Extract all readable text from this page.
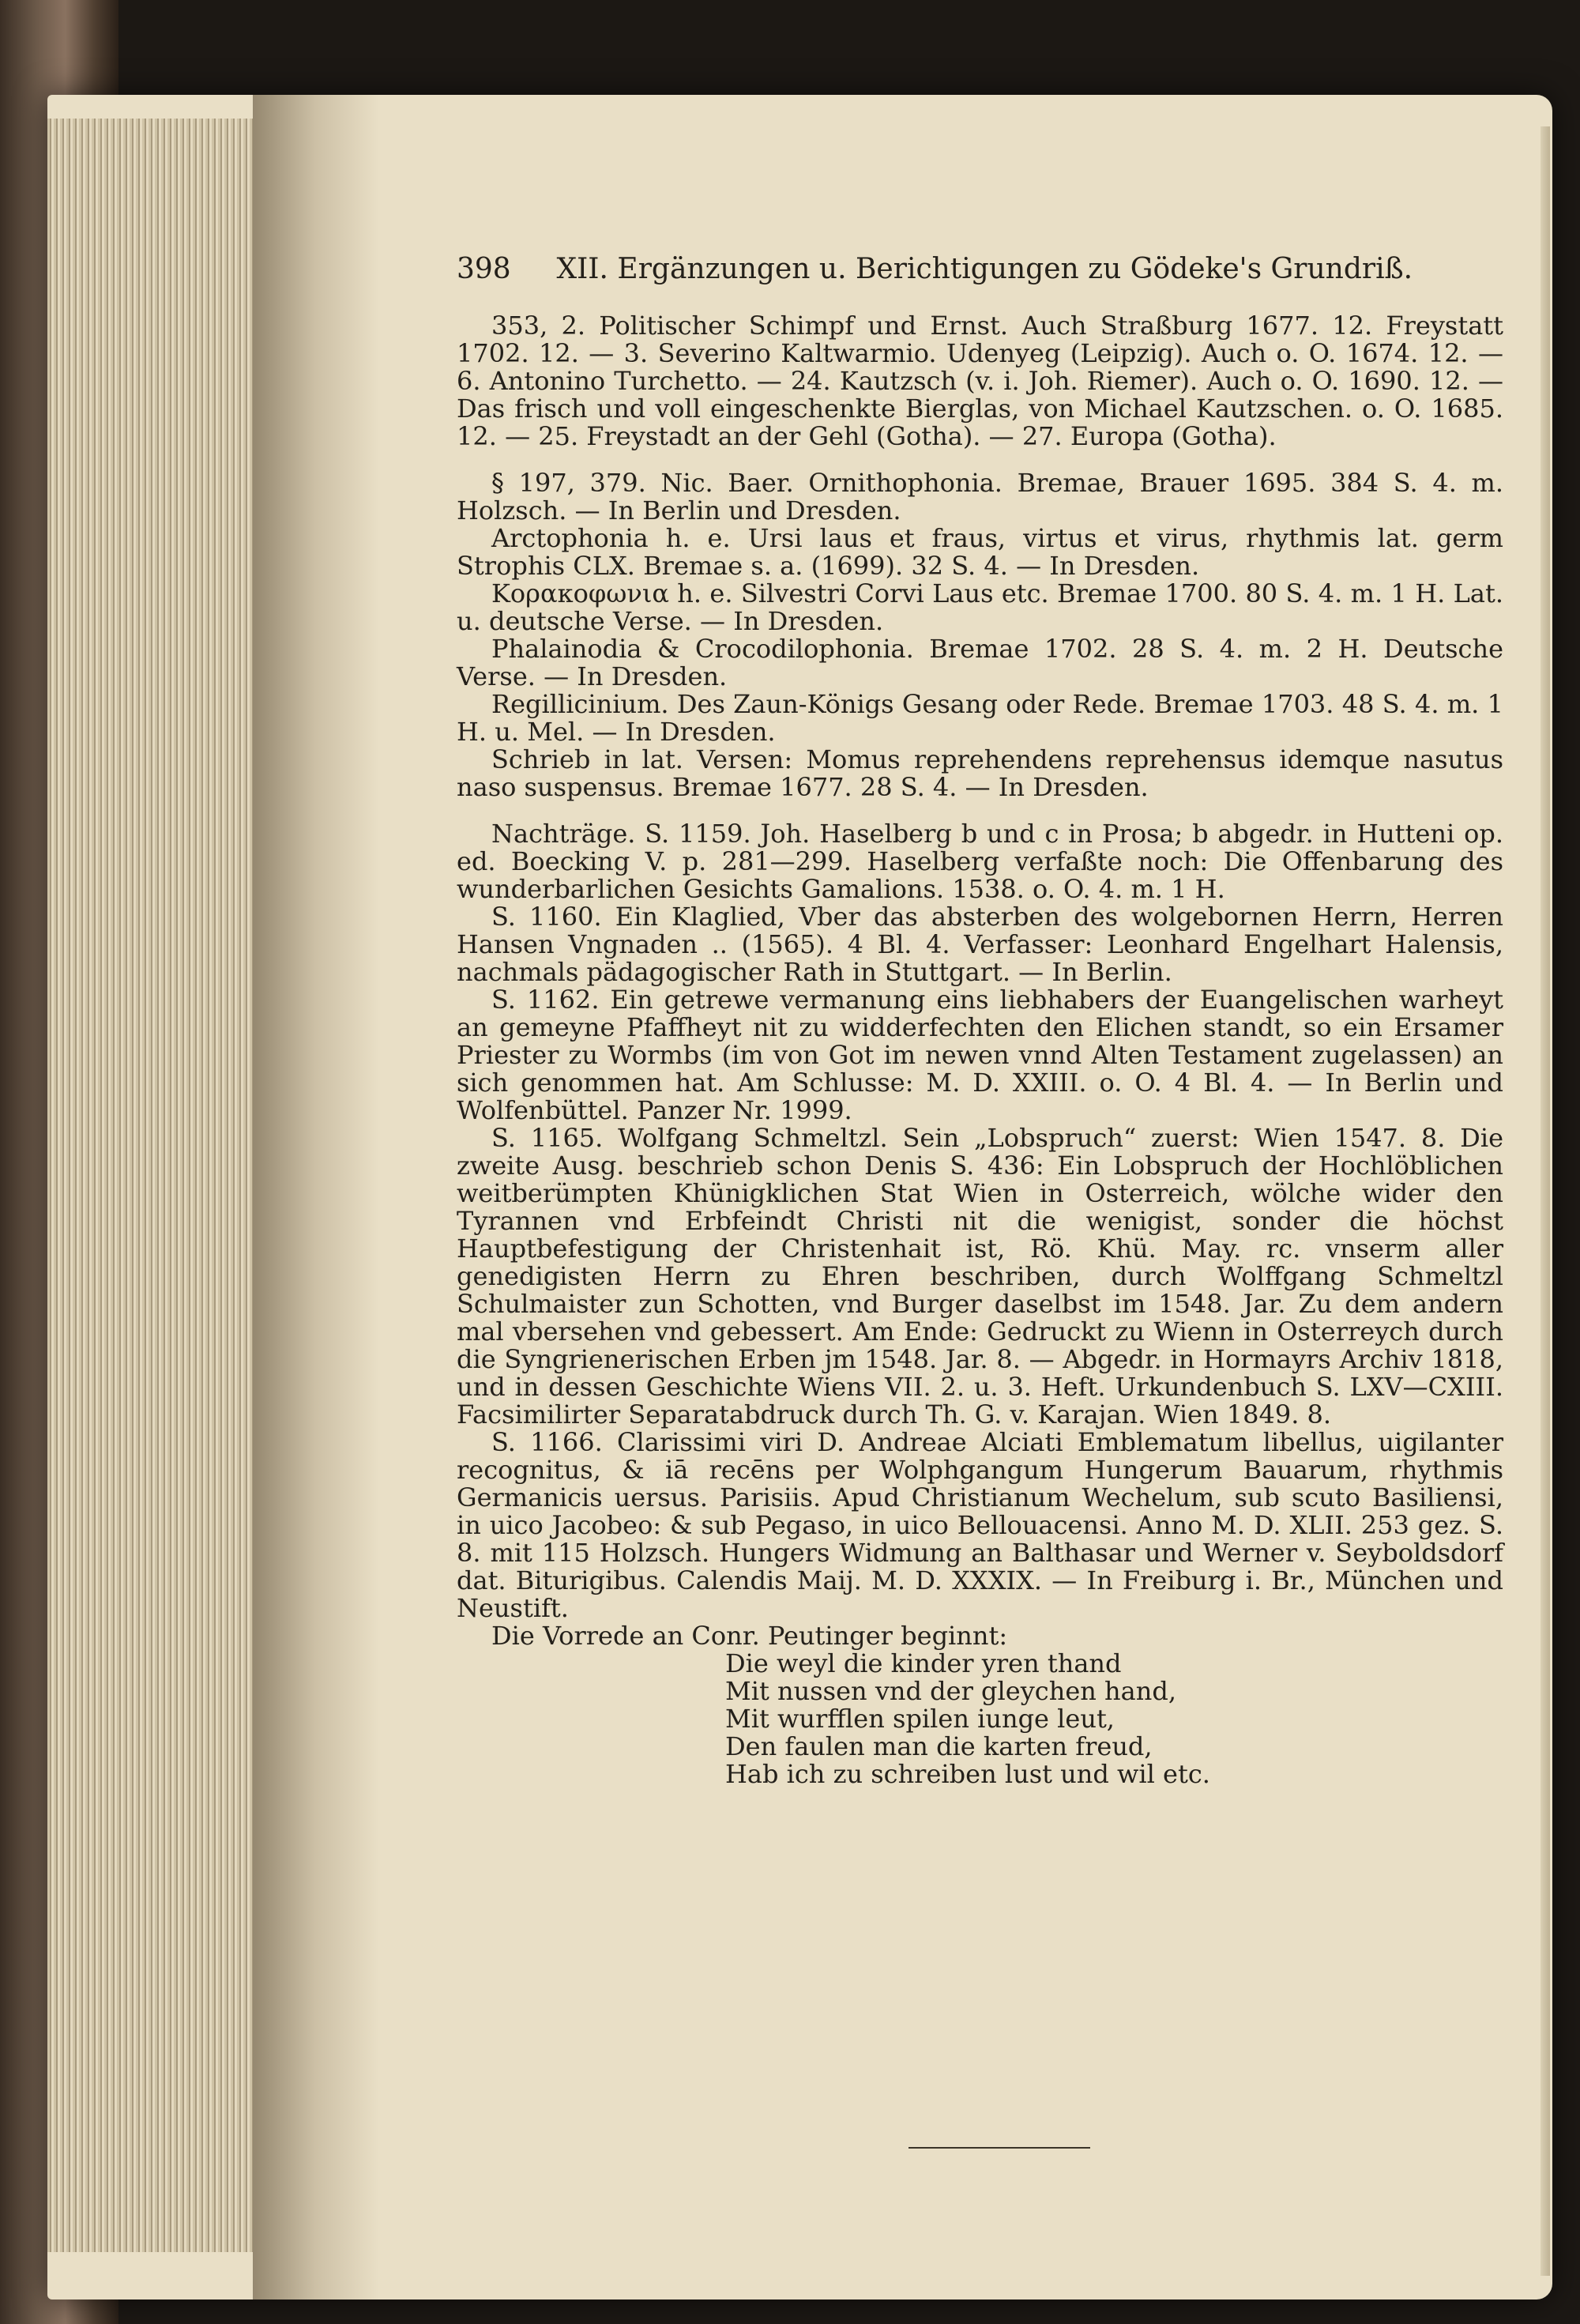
398 XII. Ergänzungen u. Berichtigungen zu Gödeke's Grundriß.

353, 2. Politischer Schimpf und Ernst. Auch Straßburg 1677. 12. Freystatt 1702. 12. — 3. Severino Kaltwarmio. Udenyeg (Leipzig). Auch o. O. 1674. 12. — 6. Antonino Turchetto. — 24. Kautzsch (v. i. Joh. Riemer). Auch o. O. 1690. 12. — Das frisch und voll eingeschenkte Bierglas, von Michael Kautzschen. o. O. 1685. 12. — 25. Freystadt an der Gehl (Gotha). — 27. Europa (Gotha).

§ 197, 379. Nic. Baer. Ornithophonia. Bremae, Brauer 1695. 384 S. 4. m. Holzsch. — In Berlin und Dresden.

Arctophonia h. e. Ursi laus et fraus, virtus et virus, rhythmis lat. germ Strophis CLX. Bremae s. a. (1699). 32 S. 4. — In Dresden.

Κορακοφωνια h. e. Silvestri Corvi Laus etc. Bremae 1700. 80 S. 4. m. 1 H. Lat. u. deutsche Verse. — In Dresden.

Phalainodia & Crocodilophonia. Bremae 1702. 28 S. 4. m. 2 H. Deutsche Verse. — In Dresden.

Regillicinium. Des Zaun-Königs Gesang oder Rede. Bremae 1703. 48 S. 4. m. 1 H. u. Mel. — In Dresden.

Schrieb in lat. Versen: Momus reprehendens reprehensus idemque nasutus naso suspensus. Bremae 1677. 28 S. 4. — In Dresden.

Nachträge. S. 1159. Joh. Haselberg b und c in Prosa; b abgedr. in Hutteni op. ed. Boecking V. p. 281—299. Haselberg verfaßte noch: Die Offenbarung des wunderbarlichen Gesichts Gamalions. 1538. o. O. 4. m. 1 H.

S. 1160. Ein Klaglied, Vber das absterben des wolgebornen Herrn, Herren Hansen Vngnaden .. (1565). 4 Bl. 4. Verfasser: Leonhard Engelhart Halensis, nachmals pädagogischer Rath in Stuttgart. — In Berlin.

S. 1162. Ein getrewe vermanung eins liebhabers der Euangelischen warheyt an gemeyne Pfaffheyt nit zu widderfechten den Elichen standt, so ein Ersamer Priester zu Wormbs (im von Got im newen vnnd Alten Testament zugelassen) an sich genommen hat. Am Schlusse: M. D. XXIII. o. O. 4 Bl. 4. — In Berlin und Wolfenbüttel. Panzer Nr. 1999.

S. 1165. Wolfgang Schmeltzl. Sein „Lobspruch“ zuerst: Wien 1547. 8. Die zweite Ausg. beschrieb schon Denis S. 436: Ein Lobspruch der Hochlöblichen weitberümpten Khünigklichen Stat Wien in Osterreich, wölche wider den Tyrannen vnd Erbfeindt Christi nit die wenigist, sonder die höchst Hauptbefestigung der Christenhait ist, Rö. Khü. May. rc. vnserm aller genedigisten Herrn zu Ehren beschriben, durch Wolffgang Schmeltzl Schulmaister zun Schotten, vnd Burger daselbst im 1548. Jar. Zu dem andern mal vbersehen vnd gebessert. Am Ende: Gedruckt zu Wienn in Osterreych durch die Syngrienerischen Erben jm 1548. Jar. 8. — Abgedr. in Hormayrs Archiv 1818, und in dessen Geschichte Wiens VII. 2. u. 3. Heft. Urkundenbuch S. LXV—CXIII. Facsimilirter Separatabdruck durch Th. G. v. Karajan. Wien 1849. 8.

S. 1166. Clarissimi viri D. Andreae Alciati Emblematum libellus, uigilanter recognitus, & iā recēns per Wolphgangum Hungerum Bauarum, rhythmis Germanicis uersus. Parisiis. Apud Christianum Wechelum, sub scuto Basiliensi, in uico Jacobeo: & sub Pegaso, in uico Bellouacensi. Anno M. D. XLII. 253 gez. S. 8. mit 115 Holzsch. Hungers Widmung an Balthasar und Werner v. Seyboldsdorf dat. Biturigibus. Calendis Maij. M. D. XXXIX. — In Freiburg i. Br., München und Neustift.

Die Vorrede an Conr. Peutinger beginnt:

Die weyl die kinder yren thand
Mit nussen vnd der gleychen hand,
Mit wurfflen spilen iunge leut,
Den faulen man die karten freud,
Hab ich zu schreiben lust und wil etc.
